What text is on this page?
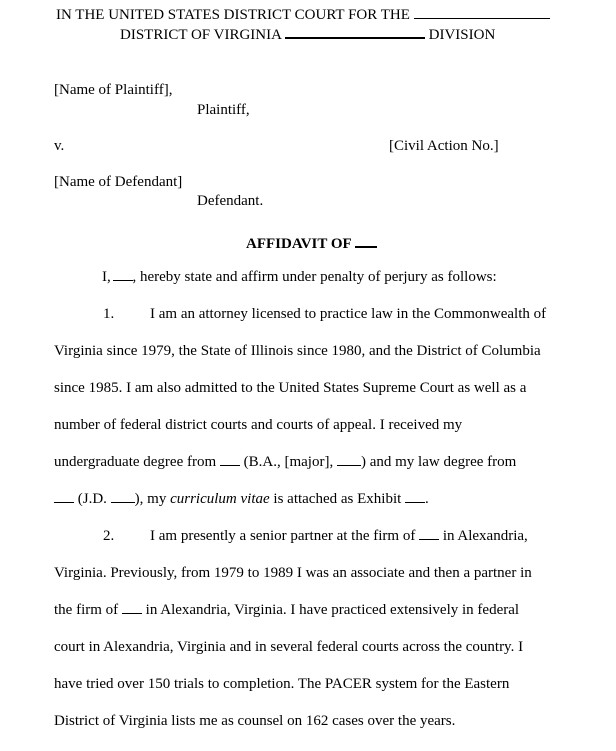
IN THE UNITED STATES DISTRICT COURT FOR THE
DISTRICT OF VIRGINIA	DIVISION
[Name of Plaintiff],
Plaintiff,
v.	[Civil Action No.]
[Name of Defendant]
Defendant.
AFFIDAVIT OF
I, , hereby state and affirm under penalty of perjury as follows:
1. I am an attorney licensed to practice law in the Commonwealth of
Virginia since 1979, the State of Illinois since 1980, and the District of Columbia
since 1985. I am also admitted to the United States Supreme Court as well as a
number of federal district courts and courts of appeal. I received my
undergraduate degree from (B.A., [major], ) and my law degree from
(J.D. ), my curriculum vitae is attached as Exhibit .
2. I am presently a senior partner at the firm of in Alexandria,
Virginia. Previously, from 1979 to 1989 I was an associate and then a partner in
the firm of in Alexandria, Virginia. I have practiced extensively in federal
court in Alexandria, Virginia and in several federal courts across the country. I
have tried over 150 trials to completion. The PACER system for the Eastern
District of Virginia lists me as counsel on 162 cases over the years.
